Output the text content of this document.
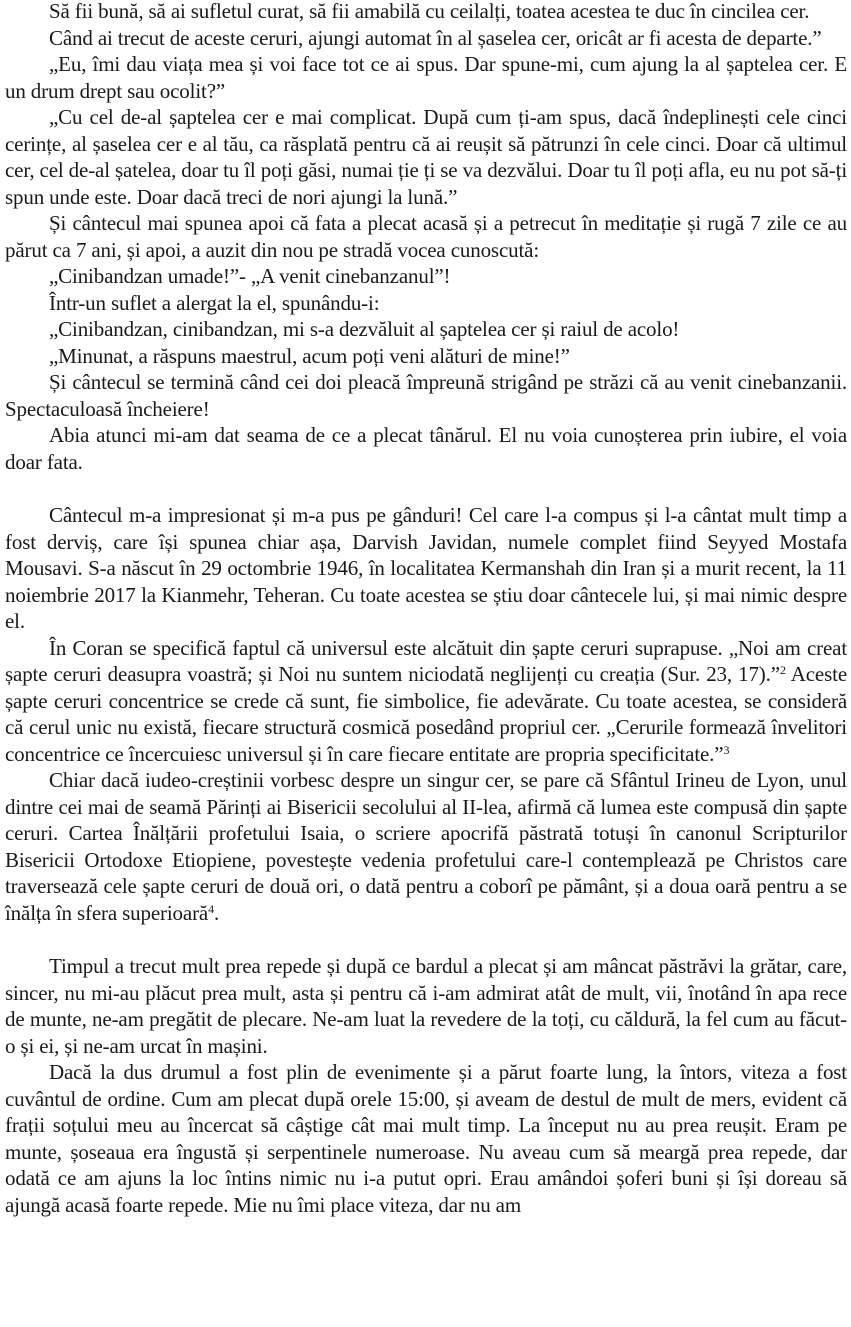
Să fii bună, să ai sufletul curat, să fii amabilă cu ceilalți, toatea acestea te duc în cincilea cer.

Când ai trecut de aceste ceruri, ajungi automat în al șaselea cer, oricât ar fi acesta de departe.”

„Eu, îmi dau viața mea și voi face tot ce ai spus. Dar spune-mi, cum ajung la al șaptelea cer. E un drum drept sau ocolit?”

„Cu cel de-al șaptelea cer e mai complicat. După cum ți-am spus, dacă îndeplinești cele cinci cerințe, al șaselea cer e al tău, ca răsplată pentru că ai reușit să pătrunzi în cele cinci. Doar că ultimul cer, cel de-al șatelea, doar tu îl poți găsi, numai ție ți se va dezvălui. Doar tu îl poți afla, eu nu pot să-ți spun unde este. Doar dacă treci de nori ajungi la lună.”

Și cântecul mai spunea apoi că fata a plecat acasă și a petrecut în meditație și rugă 7 zile ce au părut ca 7 ani, și apoi, a auzit din nou pe stradă vocea cunoscută:

„Cinibandzan umade!”- „A venit cinebanzanul”!

Într-un suflet a alergat la el, spunându-i:

„Cinibandzan, cinibandzan, mi s-a dezvăluit al șaptelea cer și raiul de acolo!

„Minunat, a răspuns maestrul, acum poți veni alături de mine!”

Și cântecul se termină când cei doi pleacă împreună strigând pe străzi că au venit cinebanzanii. Spectaculoasă încheiere!

Abia atunci mi-am dat seama de ce a plecat tânărul. El nu voia cunoșterea prin iubire, el voia doar fata.

Cântecul m-a impresionat și m-a pus pe gânduri! Cel care l-a compus și l-a cântat mult timp a fost derviș, care își spunea chiar așa, Darvish Javidan, numele complet fiind Seyyed Mostafa Mousavi. S-a născut în 29 octombrie 1946, în localitatea Kermanshah din Iran și a murit recent, la 11 noiembrie 2017 la Kianmehr, Teheran. Cu toate acestea se știu doar cântecele lui, și mai nimic despre el.

În Coran se specifică faptul că universul este alcătuit din șapte ceruri suprapuse. „Noi am creat șapte ceruri deasupra voastră; și Noi nu suntem niciodată neglijenți cu creația (Sur. 23, 17).”$^2$ Aceste șapte ceruri concentrice se crede că sunt, fie simbolice, fie adevărate. Cu toate acestea, se consideră că cerul unic nu există, fiecare structură cosmică posedând propriul cer. „Cerurile formează învelitori concentrice ce încercuiesc universul și în care fiecare entitate are propria specificitate.”$^3$

Chiar dacă iudeo-creștinii vorbesc despre un singur cer, se pare că Sfântul Irineu de Lyon, unul dintre cei mai de seamă Părinți ai Bisericii secolului al II-lea, afirmă că lumea este compusă din șapte ceruri. Cartea Înălțării profetului Isaia, o scriere apocrifă păstrată totuși în canonul Scripturilor Bisericii Ortodoxe Etiopiene, povestește vedenia profetului care-l contemplează pe Christos care traversează cele șapte ceruri de două ori, o dată pentru a coborî pe pământ, și a doua oară pentru a se înălța în sfera superioară$^4$.

Timpul a trecut mult prea repede și după ce bardul a plecat și am mâncat păstrăvi la grătar, care, sincer, nu mi-au plăcut prea mult, asta și pentru că i-am admirat atât de mult, vii, înotând în apa rece de munte, ne-am pregătit de plecare. Ne-am luat la revedere de la toți, cu căldură, la fel cum au făcut-o și ei, și ne-am urcat în mașini.

Dacă la dus drumul a fost plin de evenimente și a părut foarte lung, la întors, viteza a fost cuvântul de ordine. Cum am plecat după orele 15:00, și aveam de destul de mult de mers, evident că frații soțului meu au încercat să câștige cât mai mult timp. La început nu au prea reușit. Eram pe munte, șoseaua era îngustă și serpentinele numeroase. Nu aveau cum să meargă prea repede, dar odată ce am ajuns la loc întins nimic nu i-a putut opri. Erau amândoi șoferi buni și își doreau să ajungă acasă foarte repede. Mie nu îmi place viteza, dar nu am
